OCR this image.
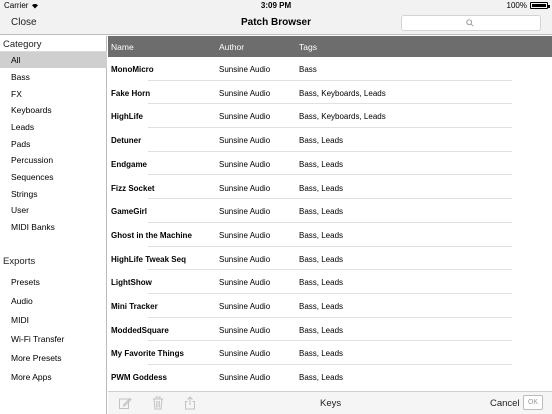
Carrier	3:09 PM	100%
Close	Patch Browser
Category
All
Bass
FX
Keyboards
Leads
Pads
Percussion
Sequences
Strings
User
MIDI Banks
Exports
Presets
Audio
MIDI
Wi-Fi Transfer
More Presets
More Apps
Name	Author	Tags
MonoMicro	Sunsine Audio	Bass
Fake Horn	Sunsine Audio	Bass, Keyboards, Leads
HighLife	Sunsine Audio	Bass, Keyboards, Leads
Detuner	Sunsine Audio	Bass, Leads
Endgame	Sunsine Audio	Bass, Leads
Fizz Socket	Sunsine Audio	Bass, Leads
GameGirl	Sunsine Audio	Bass, Leads
Ghost in the Machine	Sunsine Audio	Bass, Leads
HighLife Tweak Seq	Sunsine Audio	Bass, Leads
LightShow	Sunsine Audio	Bass, Leads
Mini Tracker	Sunsine Audio	Bass, Leads
ModdedSquare	Sunsine Audio	Bass, Leads
My Favorite Things	Sunsine Audio	Bass, Leads
PWM Goddess	Sunsine Audio	Bass, Leads
Keys	Cancel	OK
